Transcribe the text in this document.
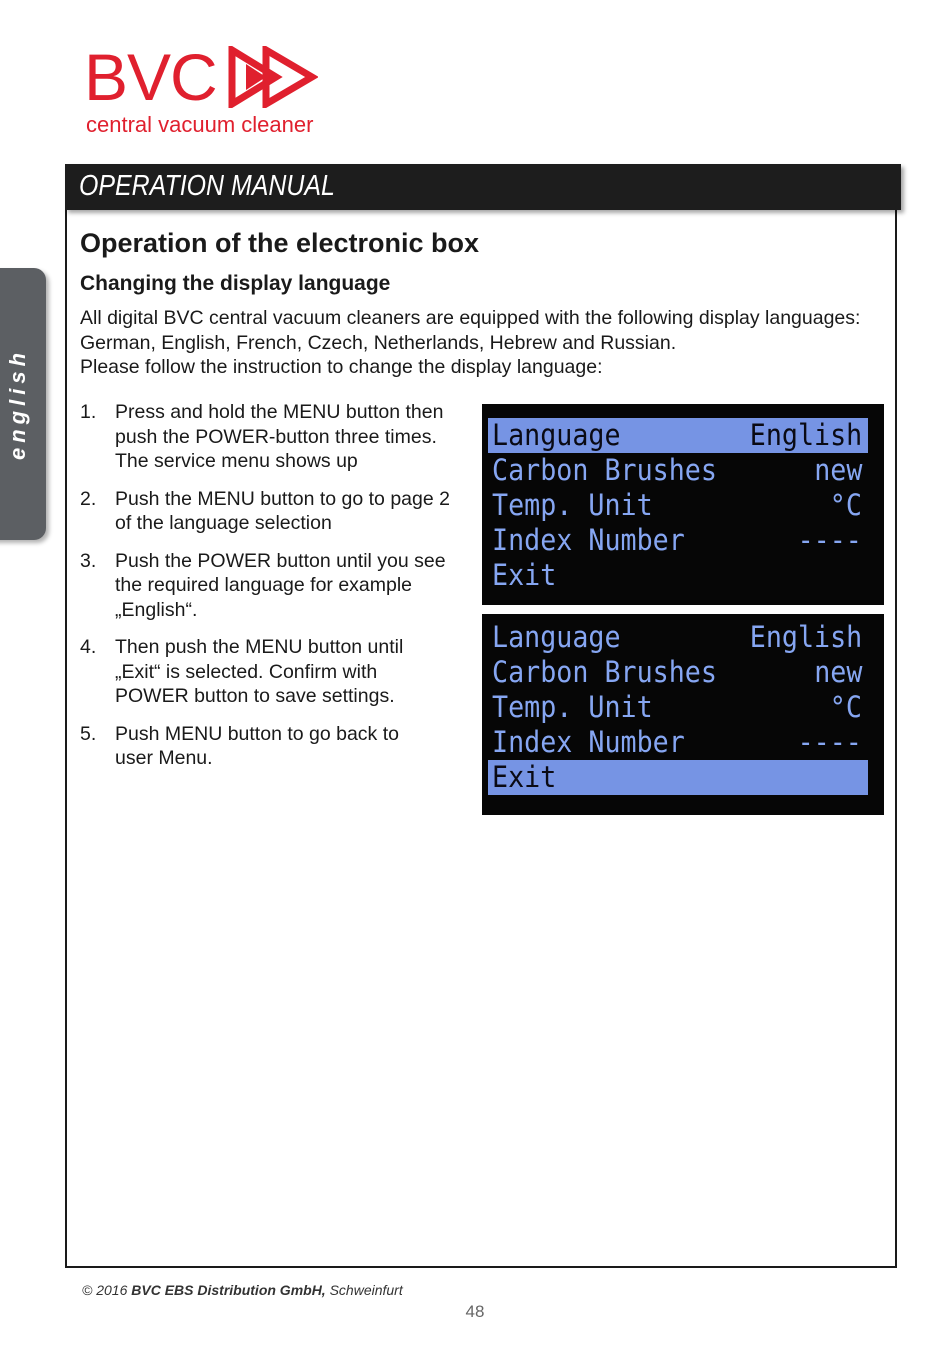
BVC
central vacuum cleaner
english
OPERATION MANUAL
Operation of the electronic box
Changing the display language
All digital BVC central vacuum cleaners are equipped with the following display languages:
German, English, French, Czech, Netherlands, Hebrew and Russian.
Please follow the instruction to change the display language:
1. Press and hold the MENU button then
push the POWER-button three times.
The service menu shows up
2. Push the MENU button to go to page 2
of the language selection
3. Push the POWER button until you see
the required language for example
„English“.
4. Then push the MENU button until
„Exit“ is selected. Confirm with
POWER button to save settings.
5. Push MENU button to go back to
user Menu.
Language	English
Carbon Brushes	new
Temp. Unit	°C
Index Number	----
Exit
Language	English
Carbon Brushes	new
Temp. Unit	°C
Index Number	----
Exit
© 2016 BVC EBS Distribution GmbH, Schweinfurt
48
